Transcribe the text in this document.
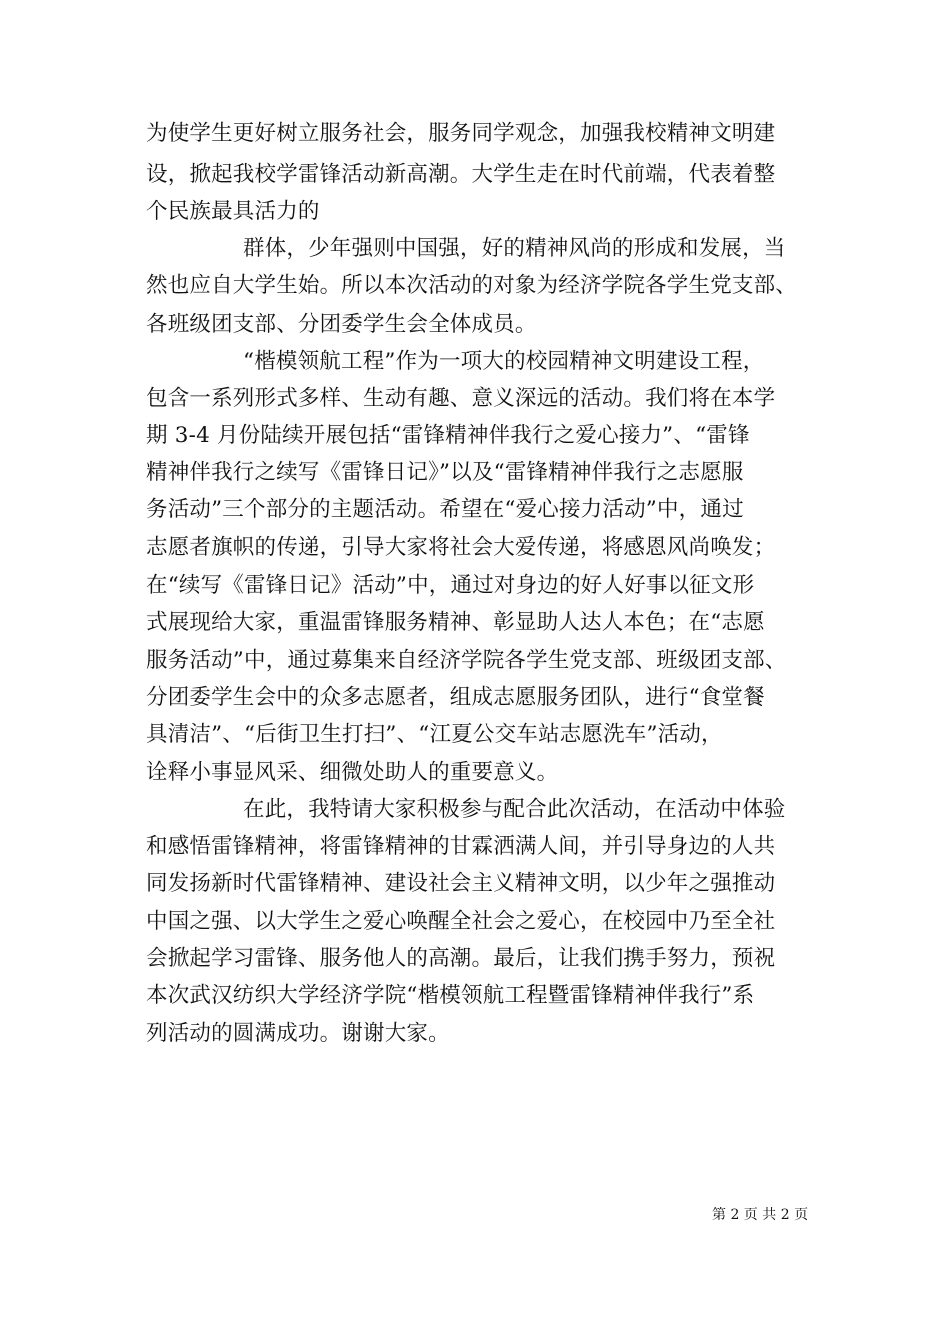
为使学生更好树立服务社会，服务同学观念，加强我校精神文明建
设，掀起我校学雷锋活动新高潮。大学生走在时代前端，代表着整
个民族最具活力的
群体，少年强则中国强，好的精神风尚的形成和发展，当
然也应自大学生始。所以本次活动的对象为经济学院各学生党支部、
各班级团支部、分团委学生会全体成员。
“楷模领航工程”作为一项大的校园精神文明建设工程，
包含一系列形式多样、生动有趣、意义深远的活动。我们将在本学
期 3-4 月份陆续开展包括“雷锋精神伴我行之爱心接力”、“雷锋
精神伴我行之续写《雷锋日记》”以及“雷锋精神伴我行之志愿服
务活动”三个部分的主题活动。希望在“爱心接力活动”中，通过
志愿者旗帜的传递，引导大家将社会大爱传递，将感恩风尚唤发；
在“续写《雷锋日记》活动”中，通过对身边的好人好事以征文形
式展现给大家，重温雷锋服务精神、彰显助人达人本色；在“志愿
服务活动”中，通过募集来自经济学院各学生党支部、班级团支部、
分团委学生会中的众多志愿者，组成志愿服务团队，进行“食堂餐
具清洁”、“后街卫生打扫”、“江夏公交车站志愿洗车”活动，
诠释小事显风采、细微处助人的重要意义。
在此，我特请大家积极参与配合此次活动，在活动中体验
和感悟雷锋精神，将雷锋精神的甘霖洒满人间，并引导身边的人共
同发扬新时代雷锋精神、建设社会主义精神文明，以少年之强推动
中国之强、以大学生之爱心唤醒全社会之爱心，在校园中乃至全社
会掀起学习雷锋、服务他人的高潮。最后，让我们携手努力，预祝
本次武汉纺织大学经济学院“楷模领航工程暨雷锋精神伴我行”系
列活动的圆满成功。谢谢大家。
第 2 页 共 2 页
